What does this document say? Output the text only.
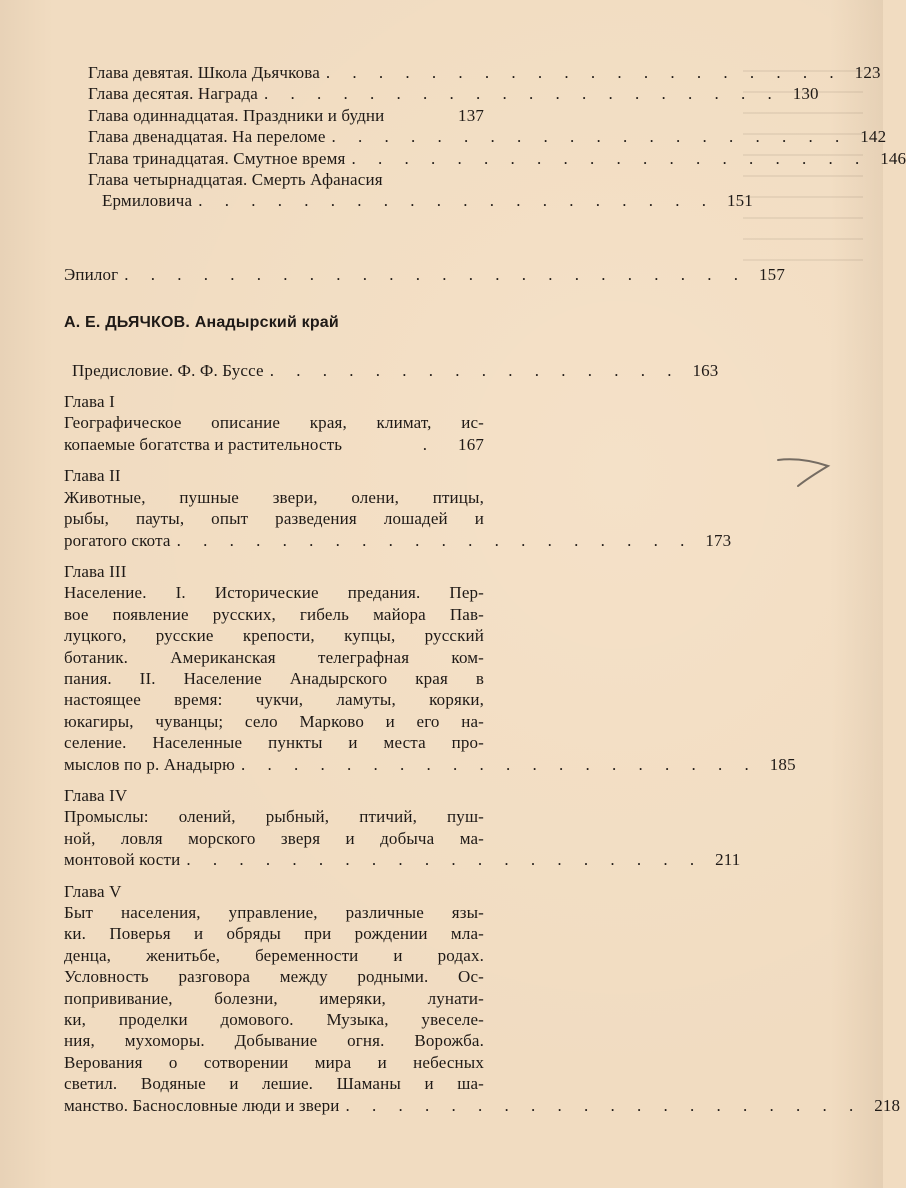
Глава девятая. Школа Дьячкова . . . . . . . . . . . . . . . . . . . . 123
Глава десятая. Награда . . . . . . . . . . . . . . . . . . . . 130
Глава одиннадцатая. Праздники и будни	137
Глава двенадцатая. На переломе . . . . . . . . . . . . . . . . . . . . 142
Глава тринадцатая. Смутное время . . . . . . . . . . . . . . . . . . . . 146
Глава четырнадцатая. Смерть Афанасия
Ермиловича . . . . . . . . . . . . . . . . . . . . 151
Эпилог . . . . . . . . . . . . . . . . . . . . . . . . 157
А. Е. ДЬЯЧКОВ. Анадырский край
Предисловие. Ф. Ф. Буссе . . . . . . . . . . . . . . . . 163
Глава I
Географическое описание края, климат, ис-
копаемые богатства и растительность	.	167
Глава II
Животные, пушные звери, олени, птицы,
рыбы, пауты, опыт разведения лошадей и
рогатого скота . . . . . . . . . . . . . . . . . . . . 173
Глава III
Население. I. Исторические предания. Пер-
вое появление русских, гибель майора Пав-
луцкого, русские крепости, купцы, русский
ботаник. Американская телеграфная ком-
пания. II. Население Анадырского края в
настоящее время: чукчи, ламуты, коряки,
юкагиры, чуванцы; село Марково и его на-
селение. Населенные пункты и места про-
мыслов по р. Анадырю . . . . . . . . . . . . . . . . . . . . 185
Глава IV
Промыслы: олений, рыбный, птичий, пуш-
ной, ловля морского зверя и добыча ма-
монтовой кости . . . . . . . . . . . . . . . . . . . . 211
Глава V
Быт населения, управление, различные язы-
ки. Поверья и обряды при рождении мла-
денца, женитьбе, беременности и родах.
Условность разговора между родными. Ос-
попрививание, болезни, имеряки, лунати-
ки, проделки домового. Музыка, увеселе-
ния, мухоморы. Добывание огня. Ворожба.
Верования о сотворении мира и небесных
светил. Водяные и лешие. Шаманы и ша-
манство. Баснословные люди и звери . . . . . . . . . . . . . . . . . . . . 218
